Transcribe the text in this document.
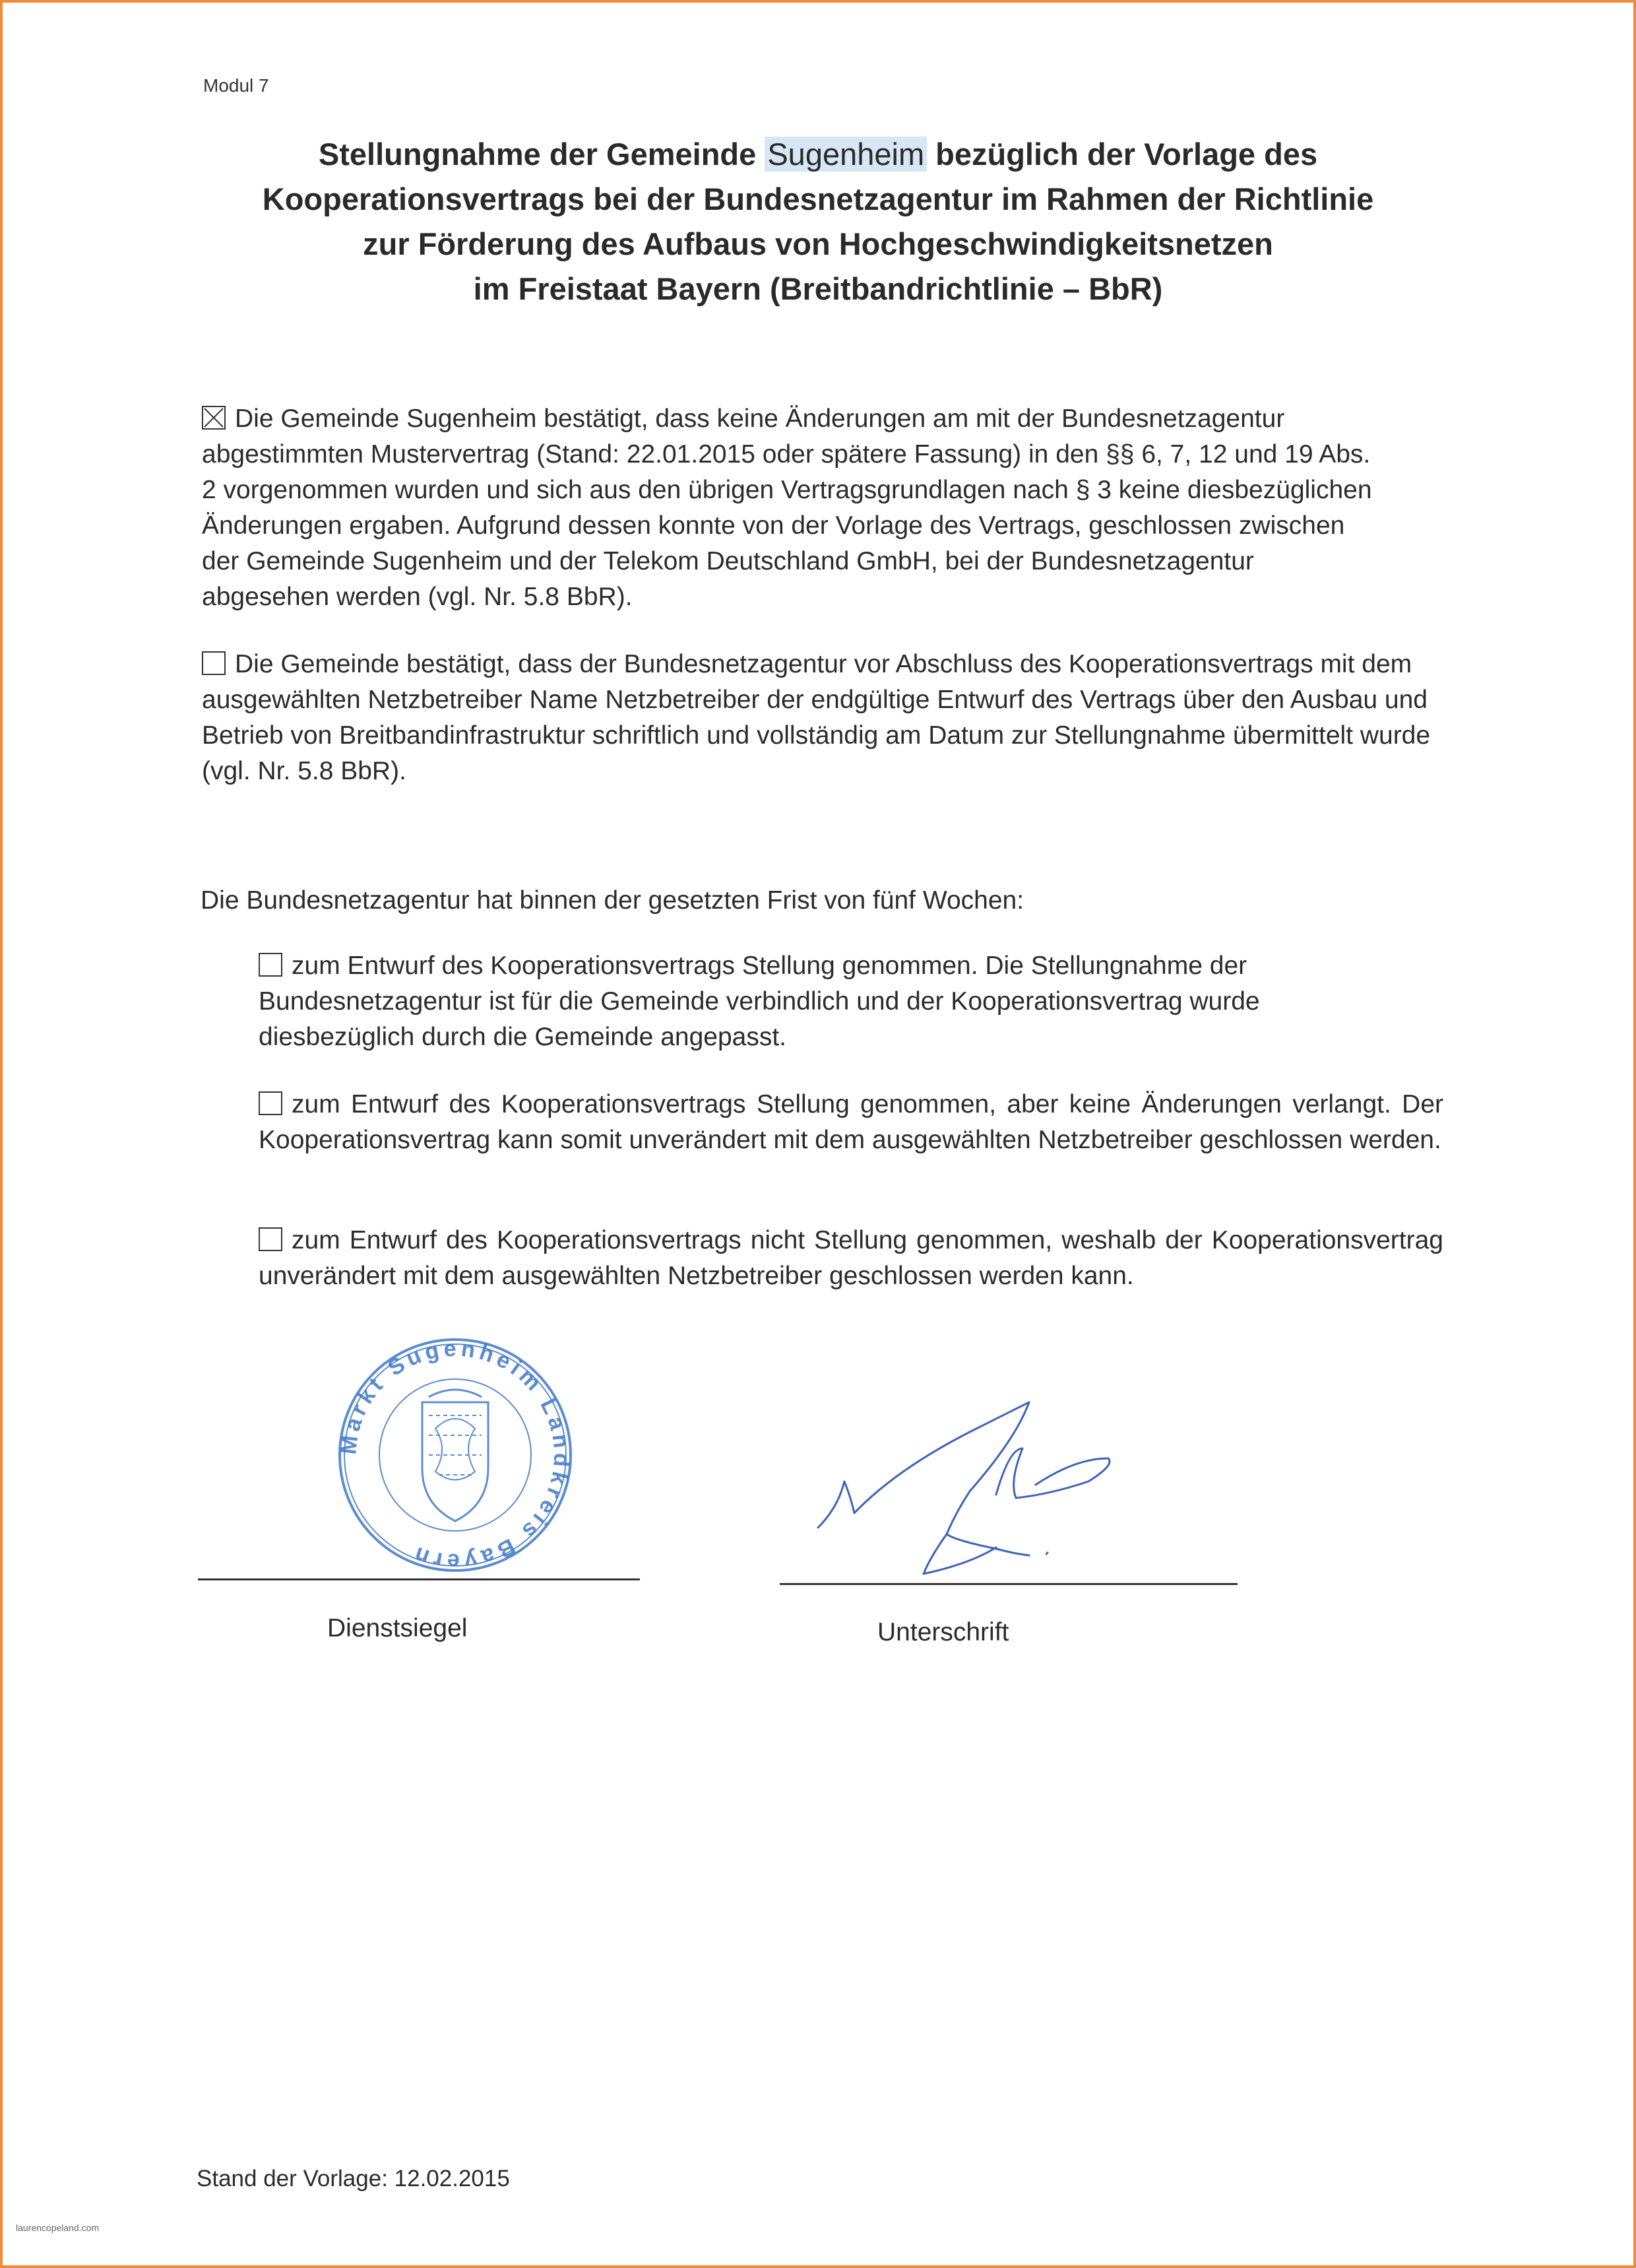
Modul 7
Stellungnahme der Gemeinde Sugenheim bezüglich der Vorlage des
Kooperationsvertrags bei der Bundesnetzagentur im Rahmen der Richtlinie
zur Förderung des Aufbaus von Hochgeschwindigkeitsnetzen
im Freistaat Bayern (Breitbandrichtlinie – BbR)
Die Gemeinde Sugenheim bestätigt, dass keine Änderungen am mit der Bundesnetzagentur abgestimmten Mustervertrag (Stand: 22.01.2015 oder spätere Fassung) in den §§ 6, 7, 12 und 19 Abs. 2 vorgenommen wurden und sich aus den übrigen Vertragsgrundlagen nach § 3 keine diesbezüglichen Änderungen ergaben. Aufgrund dessen konnte von der Vorlage des Vertrags, geschlossen zwischen der Gemeinde Sugenheim und der Telekom Deutschland GmbH, bei der Bundesnetzagentur abgesehen werden (vgl. Nr. 5.8 BbR).
Die Gemeinde bestätigt, dass der Bundesnetzagentur vor Abschluss des Kooperationsvertrags mit dem ausgewählten Netzbetreiber Name Netzbetreiber der endgültige Entwurf des Vertrags über den Ausbau und Betrieb von Breitbandinfrastruktur schriftlich und vollständig am Datum zur Stellungnahme übermittelt wurde (vgl. Nr. 5.8 BbR).
Die Bundesnetzagentur hat binnen der gesetzten Frist von fünf Wochen:
zum Entwurf des Kooperationsvertrags Stellung genommen. Die Stellungnahme der Bundesnetzagentur ist für die Gemeinde verbindlich und der Kooperationsvertrag wurde diesbezüglich durch die Gemeinde angepasst.
zum Entwurf des Kooperationsvertrags Stellung genommen, aber keine Änderungen verlangt. Der Kooperationsvertrag kann somit unverändert mit dem ausgewählten Netzbetreiber geschlossen werden.
zum Entwurf des Kooperationsvertrags nicht Stellung genommen, weshalb der Kooperationsvertrag unverändert mit dem ausgewählten Netzbetreiber geschlossen werden kann.
Markt Sugenheim Landkreis Bayern
Dienstsiegel	Unterschrift
Stand der Vorlage: 12.02.2015
laurencopeland.com
